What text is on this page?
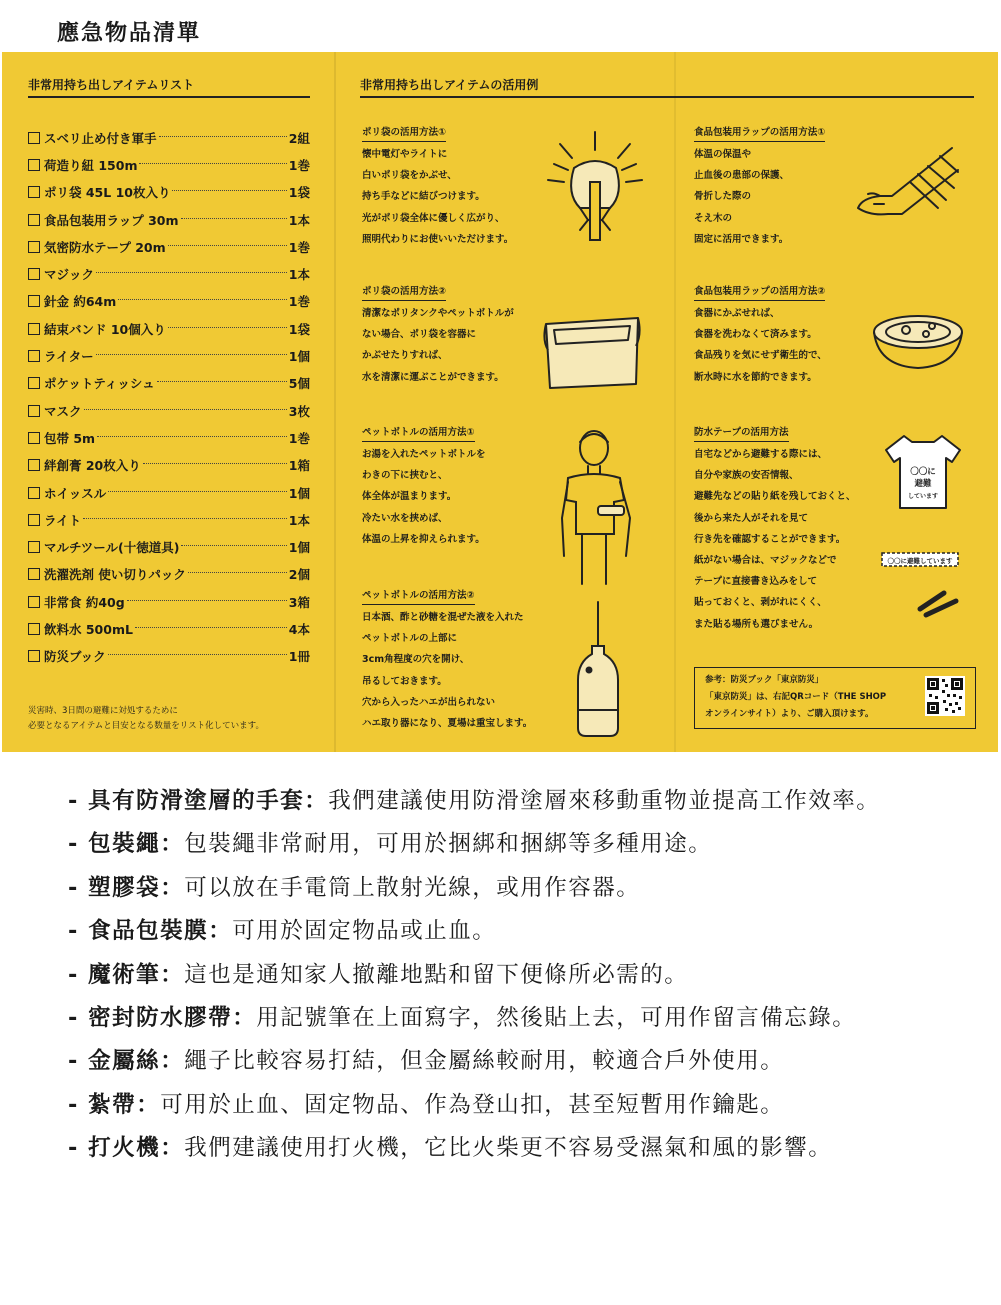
應急物品清單
非常用持ち出しアイテムリスト
スベリ止め付き軍手	2組
荷造り紐 150m	1巻
ポリ袋 45L 10枚入り	1袋
食品包装用ラップ 30m	1本
気密防水テープ 20m	1巻
マジック	1本
針金 約64m	1巻
結束バンド 10個入り	1袋
ライター	1個
ポケットティッシュ	5個
マスク	3枚
包帯 5m	1巻
絆創膏 20枚入り	1箱
ホイッスル	1個
ライト	1本
マルチツール(十徳道具)	1個
洗濯洗剤 使い切りパック	2個
非常食 約40g	3箱
飲料水 500mL	4本
防災ブック	1冊
災害時、3日間の避難に対処するために
必要となるアイテムと目安となる数量をリスト化しています。
非常用持ち出しアイテムの活用例
ポリ袋の活用方法①
懐中電灯やライトに
白いポリ袋をかぶせ、
持ち手などに結びつけます。
光がポリ袋全体に優しく広がり、
照明代わりにお使いいただけます。
ポリ袋の活用方法②
清潔なポリタンクやペットボトルが
ない場合、ポリ袋を容器に
かぶせたりすれば、
水を清潔に運ぶことができます。
ペットボトルの活用方法①
お湯を入れたペットボトルを
わきの下に挟むと、
体全体が温まります。
冷たい水を挟めば、
体温の上昇を抑えられます。
ペットボトルの活用方法②
日本酒、酢と砂糖を混ぜた液を入れた
ペットボトルの上部に
3cm角程度の穴を開け、
吊るしておきます。
穴から入ったハエが出られない
ハエ取り器になり、夏場は重宝します。
食品包装用ラップの活用方法①
体温の保温や
止血後の患部の保護、
骨折した際の
そえ木の
固定に活用できます。
食品包装用ラップの活用方法②
食器にかぶせれば、
食器を洗わなくて済みます。
食品残りを気にせず衛生的で、
断水時に水を節約できます。
防水テープの活用方法
自宅などから避難する際には、
自分や家族の安否情報、
避難先などの貼り紙を残しておくと、
後から来た人がそれを見て
行き先を確認することができます。
紙がない場合は、マジックなどで
テープに直接書き込みをして
貼っておくと、剥がれにくく、
また貼る場所も選びません。
〇〇に
避難
しています
〇〇に避難しています
参考：防災ブック「東京防災」
「東京防災」は、右記QRコード（THE SHOP
オンラインサイト）より、ご購入頂けます。
- 具有防滑塗層的手套：我們建議使用防滑塗層來移動重物並提高工作效率。
- 包裝繩：包裝繩非常耐用，可用於捆綁和捆綁等多種用途。
- 塑膠袋：可以放在手電筒上散射光線，或用作容器。
- 食品包裝膜：可用於固定物品或止血。
- 魔術筆：這也是通知家人撤離地點和留下便條所必需的。
- 密封防水膠帶：用記號筆在上面寫字，然後貼上去，可用作留言備忘錄。
- 金屬絲：繩子比較容易打結，但金屬絲較耐用，較適合戶外使用。
- 紮帶：可用於止血、固定物品、作為登山扣，甚至短暫用作鑰匙。
- 打火機：我們建議使用打火機，它比火柴更不容易受濕氣和風的影響。
